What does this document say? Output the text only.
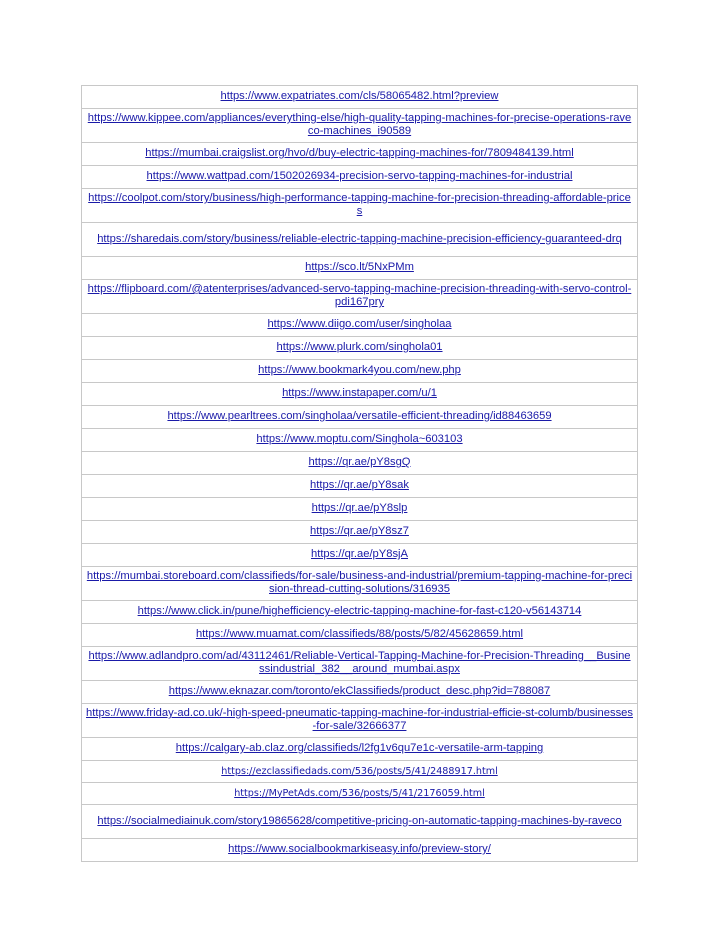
https://www.expatriates.com/cls/58065482.html?preview
https://www.kippee.com/appliances/everything-else/high-quality-tapping-machines-for-precise-operations-raveco-machines_i90589
https://mumbai.craigslist.org/hvo/d/buy-electric-tapping-machines-for/7809484139.html
https://www.wattpad.com/1502026934-precision-servo-tapping-machines-for-industrial
https://coolpot.com/story/business/high-performance-tapping-machine-for-precision-threading-affordable-prices
https://sharedais.com/story/business/reliable-electric-tapping-machine-precision-efficiency-guaranteed-drq
https://sco.lt/5NxPMm
https://flipboard.com/@atenterprises/advanced-servo-tapping-machine-precision-threading-with-servo-control-pdi167pry
https://www.diigo.com/user/singholaa
https://www.plurk.com/singhola01
https://www.bookmark4you.com/new.php
https://www.instapaper.com/u/1
https://www.pearltrees.com/singholaa/versatile-efficient-threading/id88463659
https://www.moptu.com/Singhola~603103
https://qr.ae/pY8sgQ
https://qr.ae/pY8sak
https://qr.ae/pY8slp
https://qr.ae/pY8sz7
https://qr.ae/pY8sjA
https://mumbai.storeboard.com/classifieds/for-sale/business-and-industrial/premium-tapping-machine-for-precision-thread-cutting-solutions/316935
https://www.click.in/pune/highefficiency-electric-tapping-machine-for-fast-c120-v56143714
https://www.muamat.com/classifieds/88/posts/5/82/45628659.html
https://www.adlandpro.com/ad/43112461/Reliable-Vertical-Tapping-Machine-for-Precision-Threading__Businessindustrial_382__around_mumbai.aspx
https://www.eknazar.com/toronto/ekClassifieds/product_desc.php?id=788087
https://www.friday-ad.co.uk/-high-speed-pneumatic-tapping-machine-for-industrial-efficie-st-columb/businesses-for-sale/32666377
https://calgary-ab.claz.org/classifieds/l2fg1v6qu7e1c-versatile-arm-tapping
https://ezclassifiedads.com/536/posts/5/41/2488917.html
https://MyPetAds.com/536/posts/5/41/2176059.html
https://socialmediainuk.com/story19865628/competitive-pricing-on-automatic-tapping-machines-by-raveco
https://www.socialbookmarkiseasy.info/preview-story/
